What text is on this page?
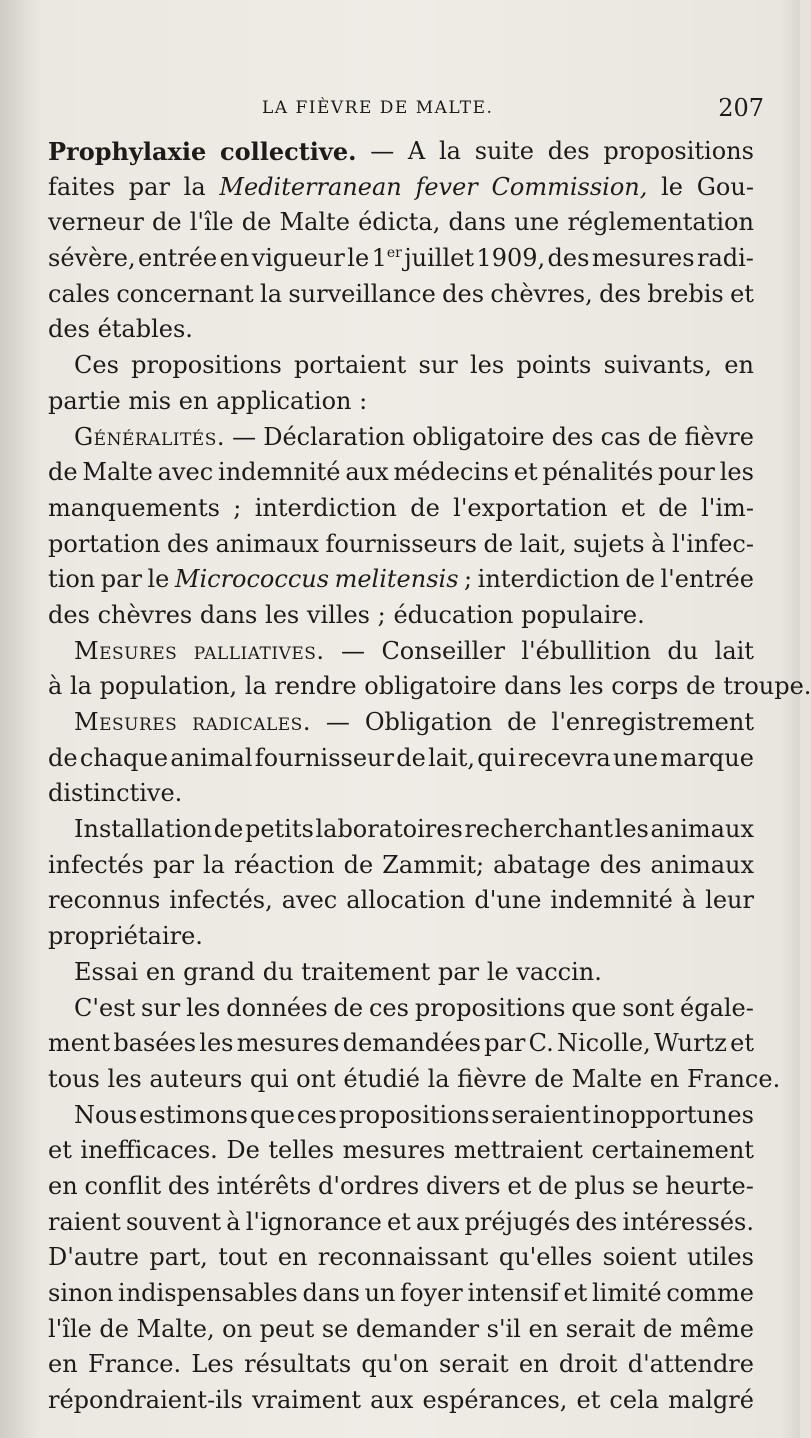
LA FIÈVRE DE MALTE.	207
Prophylaxie collective. — A la suite des propositions
faites par la Mediterranean fever Commission, le Gou-
verneur de l'île de Malte édicta, dans une réglementation
sévère, entrée en vigueur le 1er juillet 1909, des mesures radi-
cales concernant la surveillance des chèvres, des brebis et
des étables.
Ces propositions portaient sur les points suivants, en
partie mis en application :
Généralités. — Déclaration obligatoire des cas de fièvre
de Malte avec indemnité aux médecins et pénalités pour les
manquements ; interdiction de l'exportation et de l'im-
portation des animaux fournisseurs de lait, sujets à l'infec-
tion par le Micrococcus melitensis ; interdiction de l'entrée
des chèvres dans les villes ; éducation populaire.
Mesures palliatives. — Conseiller l'ébullition du lait
à la population, la rendre obligatoire dans les corps de troupe.
Mesures radicales. — Obligation de l'enregistrement
de chaque animal fournisseur de lait, qui recevra une marque
distinctive.
Installation de petits laboratoires recherchant les animaux
infectés par la réaction de Zammit; abatage des animaux
reconnus infectés, avec allocation d'une indemnité à leur
propriétaire.
Essai en grand du traitement par le vaccin.
C'est sur les données de ces propositions que sont égale-
ment basées les mesures demandées par C. Nicolle, Wurtz et
tous les auteurs qui ont étudié la fièvre de Malte en France.
Nous estimons que ces propositions seraient inopportunes
et inefficaces. De telles mesures mettraient certainement
en conflit des intérêts d'ordres divers et de plus se heurte-
raient souvent à l'ignorance et aux préjugés des intéressés.
D'autre part, tout en reconnaissant qu'elles soient utiles
sinon indispensables dans un foyer intensif et limité comme
l'île de Malte, on peut se demander s'il en serait de même
en France. Les résultats qu'on serait en droit d'attendre
répondraient-ils vraiment aux espérances, et cela malgré
